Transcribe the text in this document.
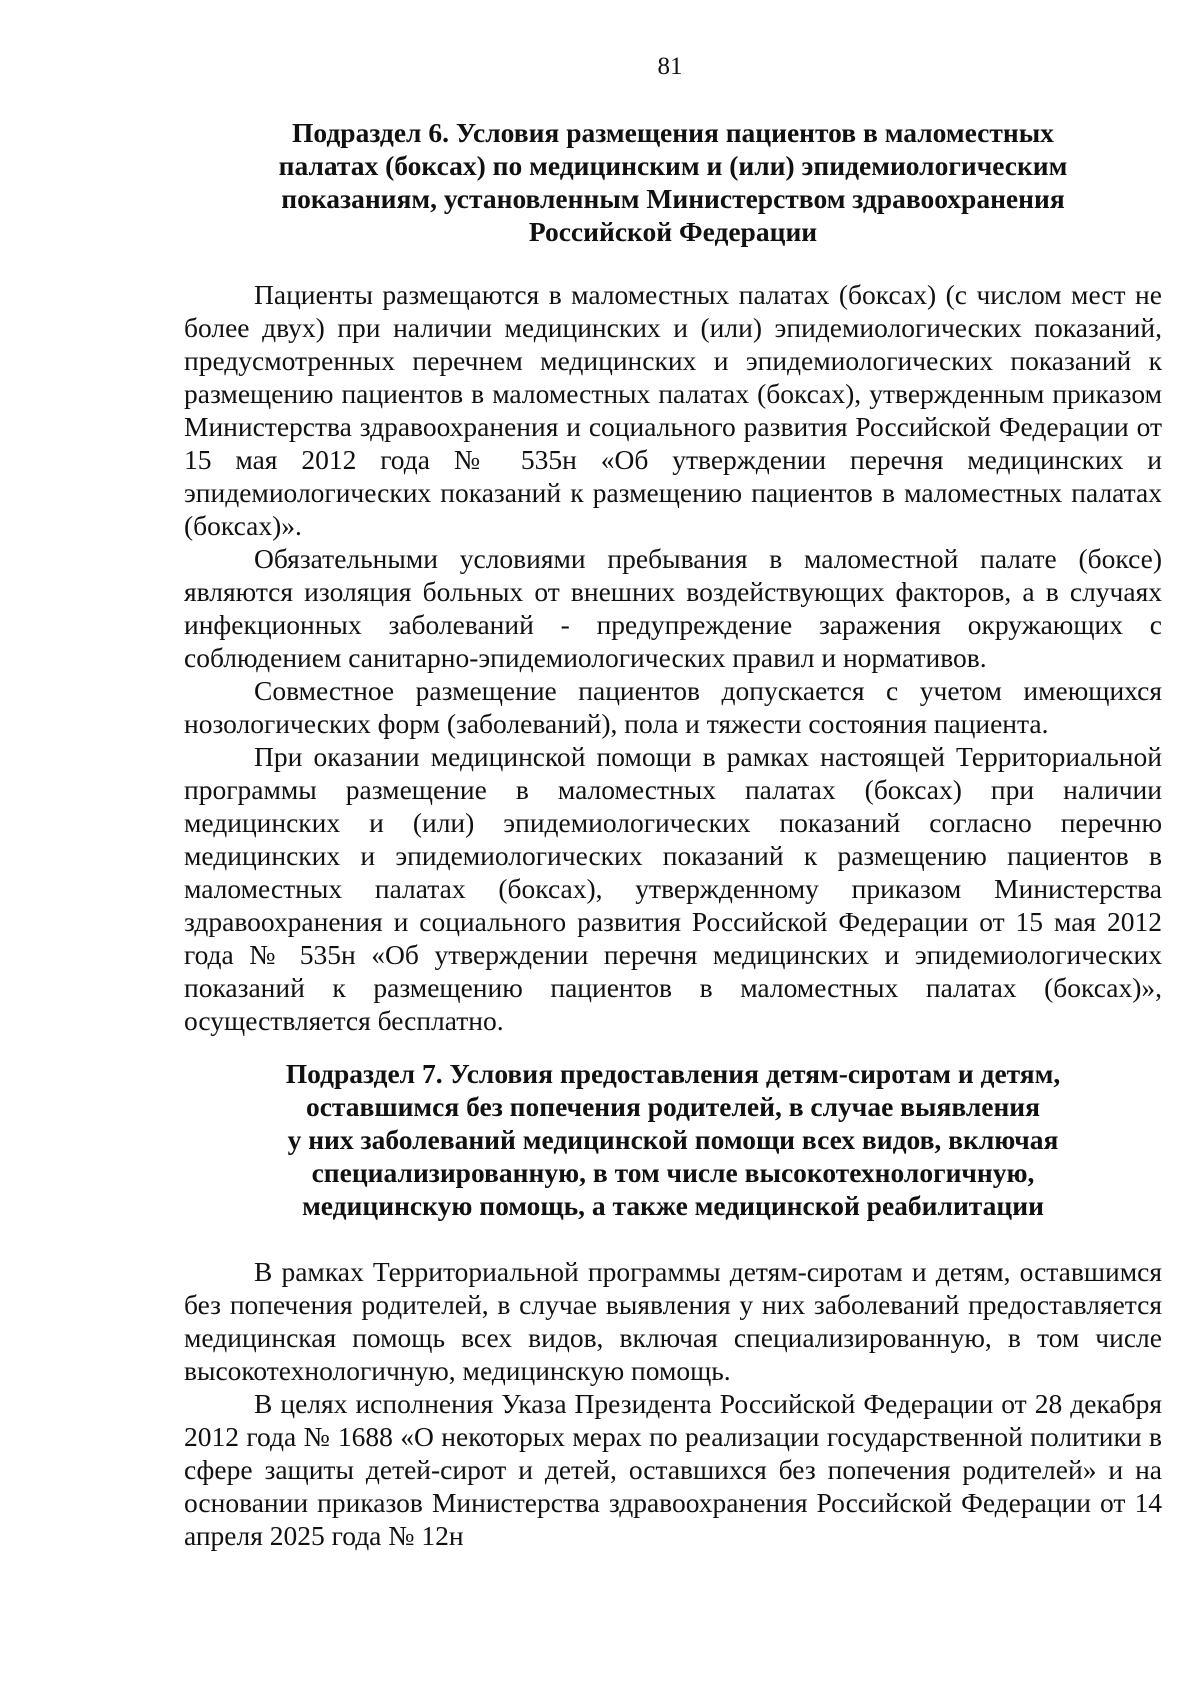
81
Подраздел 6. Условия размещения пациентов в маломестных
палатах (боксах) по медицинским и (или) эпидемиологическим
показаниям, установленным Министерством здравоохранения
Российской Федерации

Пациенты размещаются в маломестных палатах (боксах) (с числом мест не более двух) при наличии медицинских и (или) эпидемиологических показаний, предусмотренных перечнем медицинских и эпидемиологических показаний к размещению пациентов в маломестных палатах (боксах), утвержденным приказом Министерства здравоохранения и социального развития Российской Федерации от 15 мая 2012 года № 535н «Об утверждении перечня медицинских и эпидемиологических показаний к размещению пациентов в маломестных палатах (боксах)».

Обязательными условиями пребывания в маломестной палате (боксе) являются изоляция больных от внешних воздействующих факторов, а в случаях инфекционных заболеваний - предупреждение заражения окружающих с соблюдением санитарно-эпидемиологических правил и нормативов.

Совместное размещение пациентов допускается с учетом имеющихся нозологических форм (заболеваний), пола и тяжести состояния пациента.

При оказании медицинской помощи в рамках настоящей Территориальной программы размещение в маломестных палатах (боксах) при наличии медицинских и (или) эпидемиологических показаний согласно перечню медицинских и эпидемиологических показаний к размещению пациентов в маломестных палатах (боксах), утвержденному приказом Министерства здравоохранения и социального развития Российской Федерации от 15 мая 2012 года № 535н «Об утверждении перечня медицинских и эпидемиологических показаний к размещению пациентов в маломестных палатах (боксах)», осуществляется бесплатно.

Подраздел 7. Условия предоставления детям-сиротам и детям,
оставшимся без попечения родителей, в случае выявления
у них заболеваний медицинской помощи всех видов, включая
специализированную, в том числе высокотехнологичную,
медицинскую помощь, а также медицинской реабилитации

В рамках Территориальной программы детям-сиротам и детям, оставшимся без попечения родителей, в случае выявления у них заболеваний предоставляется медицинская помощь всех видов, включая специализированную, в том числе высокотехнологичную, медицинскую помощь.

В целях исполнения Указа Президента Российской Федерации от 28 декабря 2012 года № 1688 «О некоторых мерах по реализации государственной политики в сфере защиты детей-сирот и детей, оставшихся без попечения родителей» и на основании приказов Министерства здравоохранения Российской Федерации от 14 апреля 2025 года № 12н
